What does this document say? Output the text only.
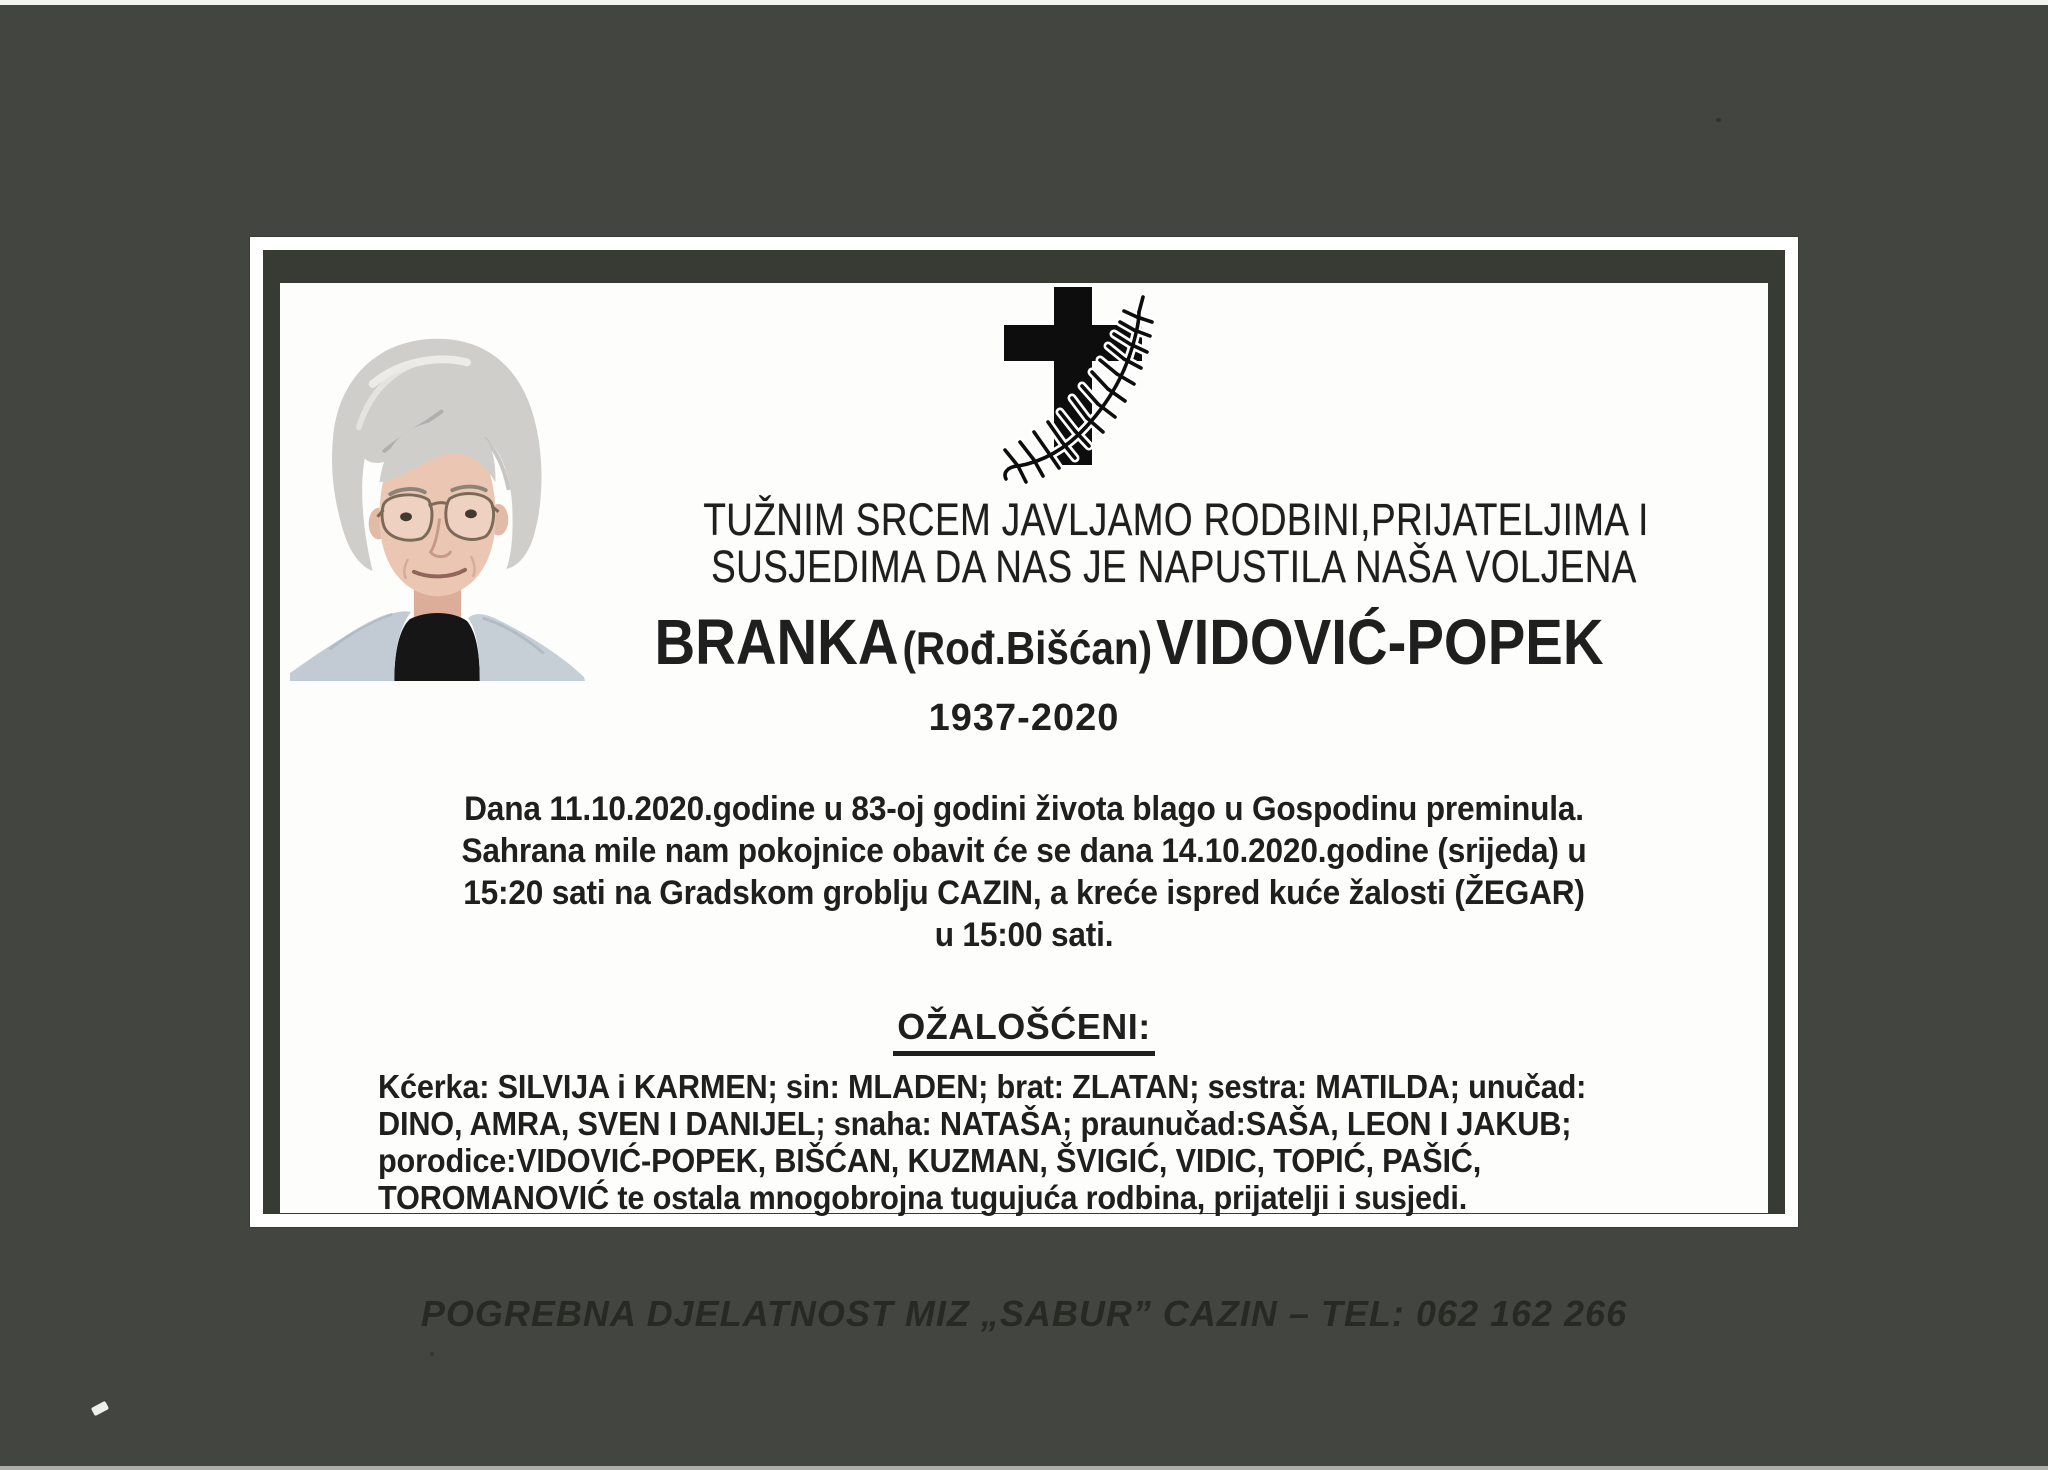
TUŽNIM SRCEM JAVLJAMO RODBINI,PRIJATELJIMA I
SUSJEDIMA DA NAS JE NAPUSTILA NAŠA VOLJENA
BRANKA (Rođ.Bišćan) VIDOVIĆ-POPEK
1937-2020
Dana 11.10.2020.godine u 83-oj godini života blago u Gospodinu preminula.
Sahrana mile nam pokojnice obavit će se dana 14.10.2020.godine (srijeda) u
15:20 sati na Gradskom groblju CAZIN, a kreće ispred kuće žalosti (ŽEGAR)
u 15:00 sati.
OŽALOŠĆENI:
Kćerka: SILVIJA i KARMEN; sin: MLADEN; brat: ZLATAN; sestra: MATILDA; unučad:
DINO, AMRA, SVEN I DANIJEL; snaha: NATAŠA; praunučad:SAŠA, LEON I JAKUB;
porodice:VIDOVIĆ-POPEK, BIŠĆAN, KUZMAN, ŠVIGIĆ, VIDIC, TOPIĆ, PAŠIĆ,
TOROMANOVIĆ te ostala mnogobrojna tugujuća rodbina, prijatelji i susjedi.
POGREBNA DJELATNOST MIZ „SABUR” CAZIN – TEL: 062 162 266
